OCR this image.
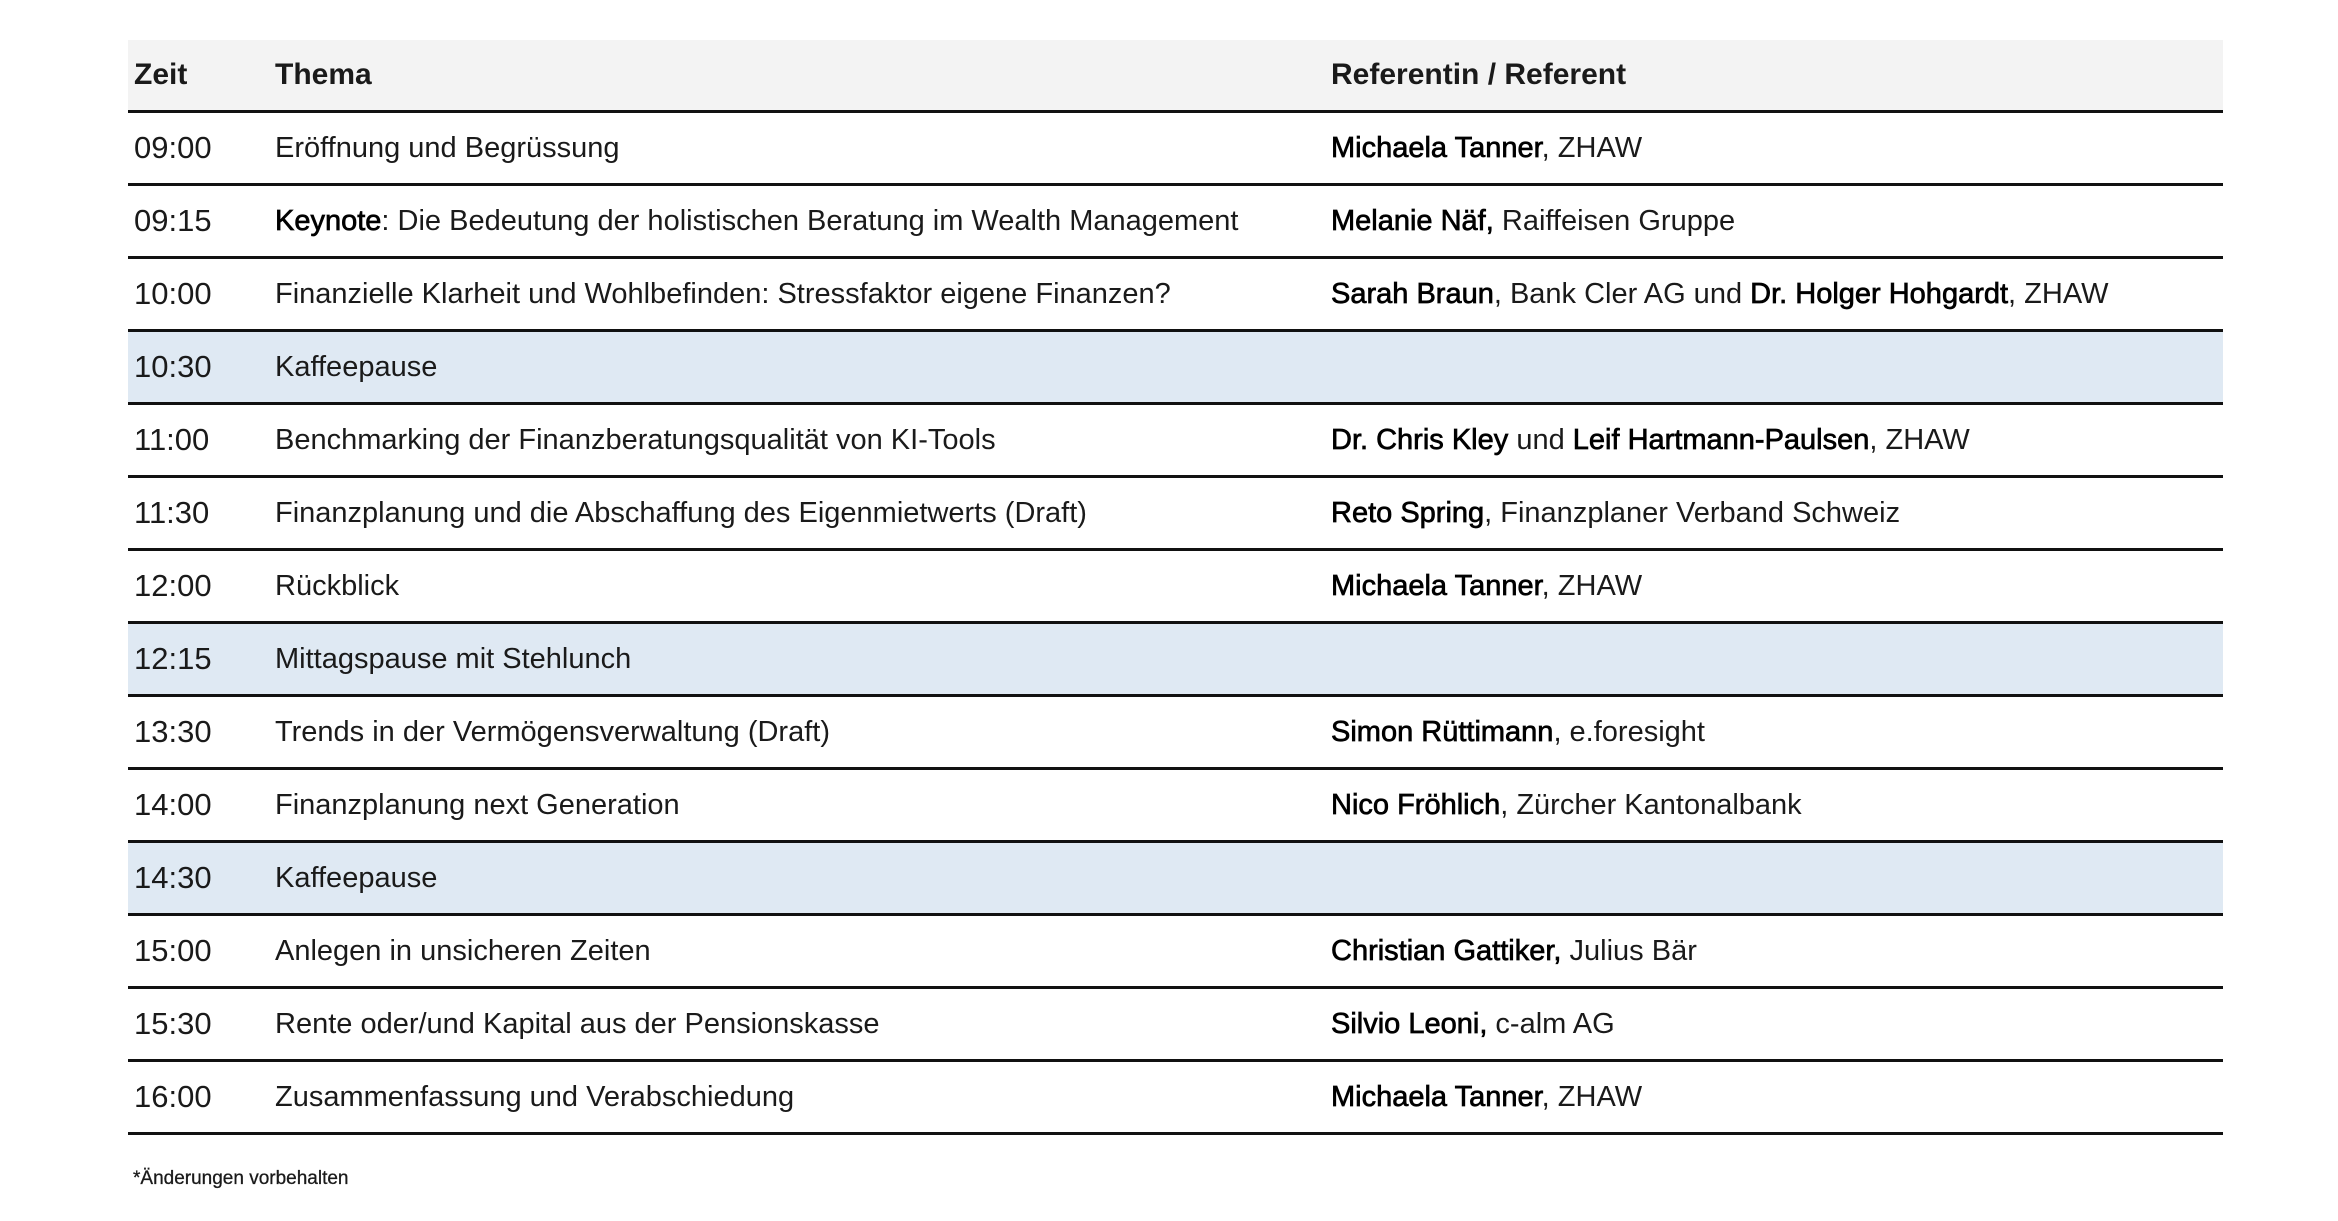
Zeit	Thema	Referentin / Referent
09:00	Eröffnung und Begrüssung	Michaela Tanner, ZHAW
09:15	Keynote: Die Bedeutung der holistischen Beratung im Wealth Management	Melanie Näf, Raiffeisen Gruppe
10:00	Finanzielle Klarheit und Wohlbefinden: Stressfaktor eigene Finanzen?	Sarah Braun, Bank Cler AG und Dr. Holger Hohgardt, ZHAW
10:30	Kaffeepause
11:00	Benchmarking der Finanzberatungsqualität von KI-Tools	Dr. Chris Kley und Leif Hartmann-Paulsen, ZHAW
11:30	Finanzplanung und die Abschaffung des Eigenmietwerts (Draft)	Reto Spring, Finanzplaner Verband Schweiz
12:00	Rückblick	Michaela Tanner, ZHAW
12:15	Mittagspause mit Stehlunch
13:30	Trends in der Vermögensverwaltung (Draft)	Simon Rüttimann, e.foresight
14:00	Finanzplanung next Generation	Nico Fröhlich, Zürcher Kantonalbank
14:30	Kaffeepause
15:00	Anlegen in unsicheren Zeiten	Christian Gattiker, Julius Bär
15:30	Rente oder/und Kapital aus der Pensionskasse	Silvio Leoni, c-alm AG
16:00	Zusammenfassung und Verabschiedung	Michaela Tanner, ZHAW
*Änderungen vorbehalten
